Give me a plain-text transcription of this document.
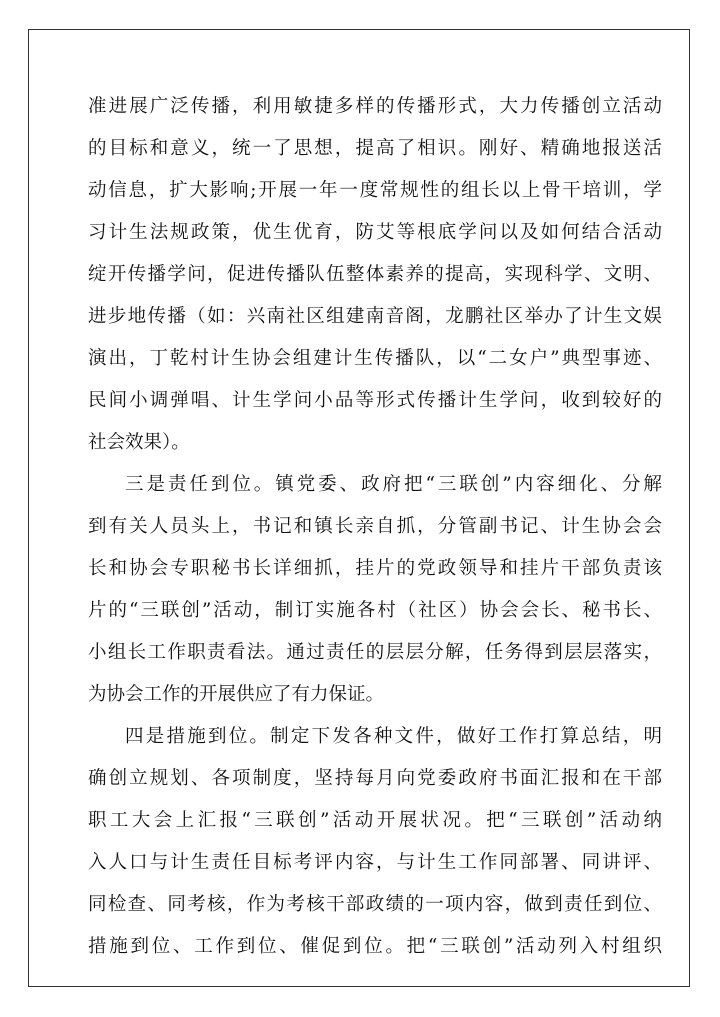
准进展广泛传播，利用敏捷多样的传播形式，大力传播创立活动
的目标和意义，统一了思想，提高了相识。刚好、精确地报送活
动信息，扩大影响;开展一年一度常规性的组长以上骨干培训，学
习计生法规政策，优生优育，防艾等根底学问以及如何结合活动
绽开传播学问，促进传播队伍整体素养的提高，实现科学、文明、
进步地传播（如：兴南社区组建南音阁，龙鹏社区举办了计生文娱
演出，丁乾村计生协会组建计生传播队，以“二女户”典型事迹、
民间小调弹唱、计生学问小品等形式传播计生学问，收到较好的
社会效果）。
三是责任到位。镇党委、政府把“三联创”内容细化、分解
到有关人员头上，书记和镇长亲自抓，分管副书记、计生协会会
长和协会专职秘书长详细抓，挂片的党政领导和挂片干部负责该
片的“三联创”活动，制订实施各村（社区）协会会长、秘书长、
小组长工作职责看法。通过责任的层层分解，任务得到层层落实，
为协会工作的开展供应了有力保证。
四是措施到位。制定下发各种文件，做好工作打算总结，明
确创立规划、各项制度，坚持每月向党委政府书面汇报和在干部
职工大会上汇报“三联创”活动开展状况。把“三联创”活动纳
入人口与计生责任目标考评内容，与计生工作同部署、同讲评、
同检查、同考核，作为考核干部政绩的一项内容，做到责任到位、
措施到位、工作到位、催促到位。把“三联创”活动列入村组织
